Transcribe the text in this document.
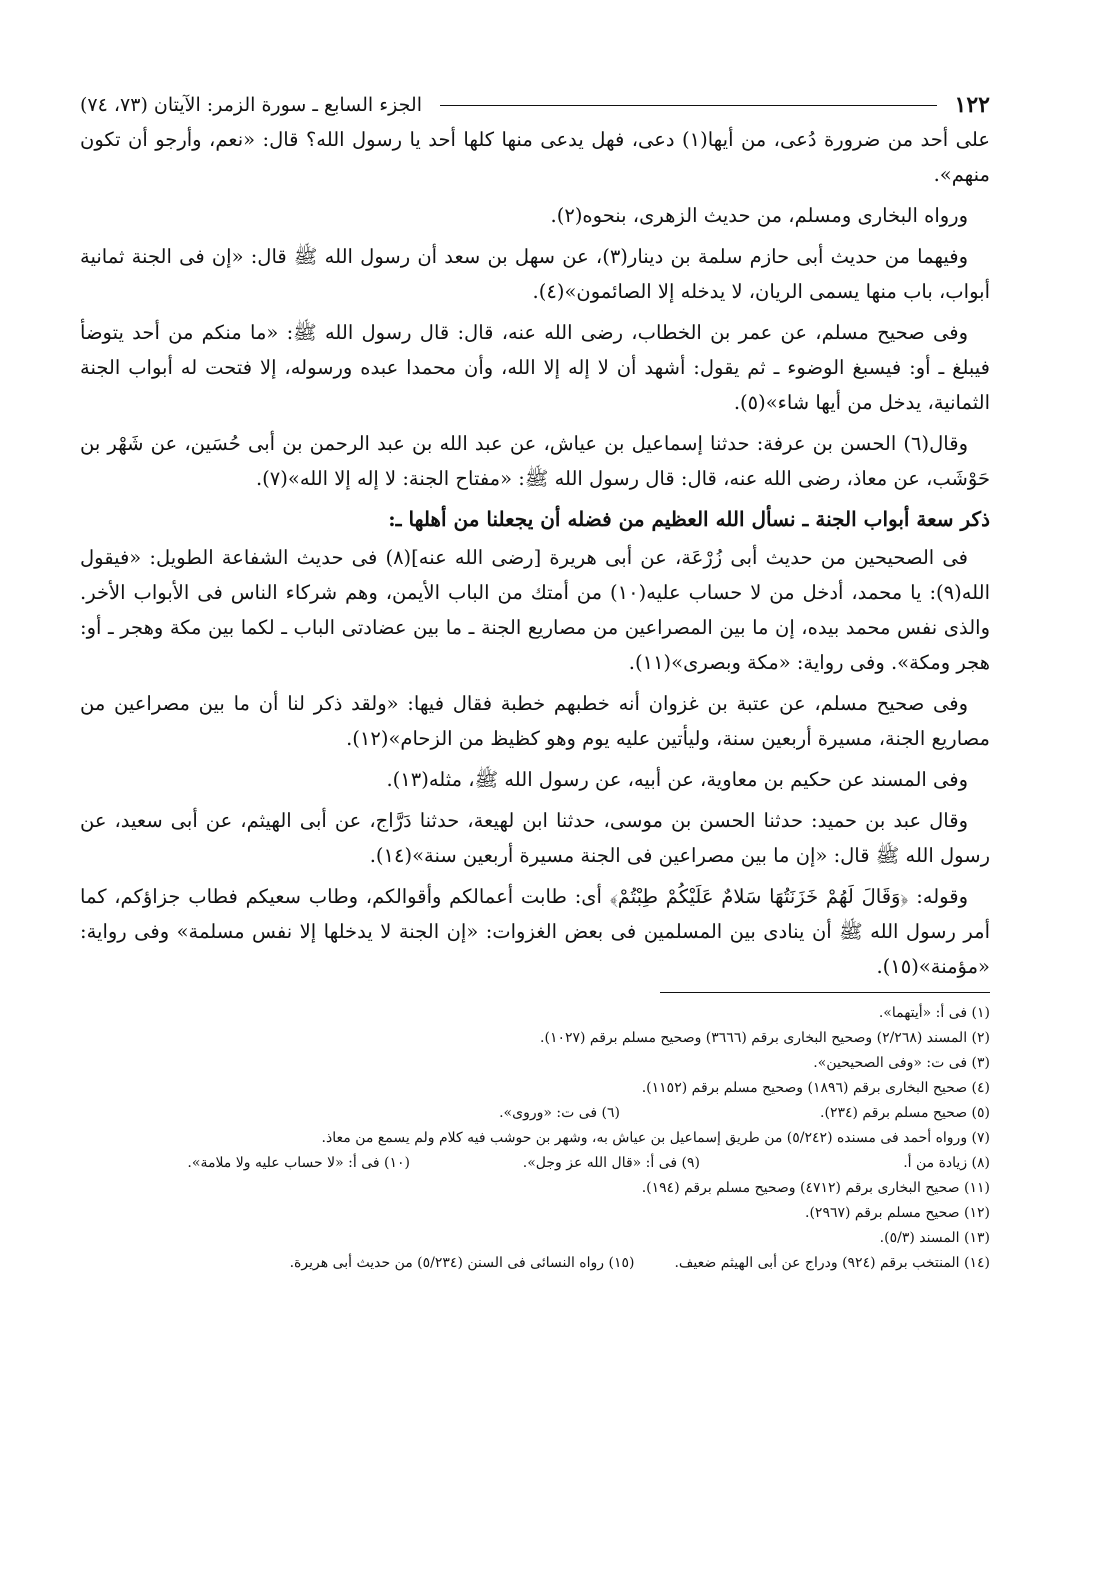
١٢٢
الجزء السابع ـ سورة الزمر: الآيتان (٧٣، ٧٤)

على أحد من ضرورة دُعى، من أيها(١) دعى، فهل يدعى منها كلها أحد يا رسول الله؟ قال: «نعم، وأرجو أن تكون منهم».

ورواه البخارى ومسلم، من حديث الزهرى، بنحوه(٢).

وفيهما من حديث أبى حازم سلمة بن دينار(٣)، عن سهل بن سعد أن رسول الله ﷺ قال: «إن فى الجنة ثمانية أبواب، باب منها يسمى الريان، لا يدخله إلا الصائمون»(٤).

وفى صحيح مسلم، عن عمر بن الخطاب، رضى الله عنه، قال: قال رسول الله ﷺ: «ما منكم من أحد يتوضأ فيبلغ ـ أو: فيسبغ الوضوء ـ ثم يقول: أشهد أن لا إله إلا الله، وأن محمدا عبده ورسوله، إلا فتحت له أبواب الجنة الثمانية، يدخل من أيها شاء»(٥).

وقال(٦) الحسن بن عرفة: حدثنا إسماعيل بن عياش، عن عبد الله بن عبد الرحمن بن أبى حُسَين، عن شَهْر بن حَوْشَب، عن معاذ، رضى الله عنه، قال: قال رسول الله ﷺ: «مفتاح الجنة: لا إله إلا الله»(٧).

ذكر سعة أبواب الجنة ـ نسأل الله العظيم من فضله أن يجعلنا من أهلها ـ:

فى الصحيحين من حديث أبى زُرْعَة، عن أبى هريرة [رضى الله عنه](٨) فى حديث الشفاعة الطويل: «فيقول الله(٩): يا محمد، أدخل من لا حساب عليه(١٠) من أمتك من الباب الأيمن، وهم شركاء الناس فى الأبواب الأخر. والذى نفس محمد بيده، إن ما بين المصراعين من مصاريع الجنة ـ ما بين عضادتى الباب ـ لكما بين مكة وهجر ـ أو: هجر ومكة». وفى رواية: «مكة وبصرى»(١١).

وفى صحيح مسلم، عن عتبة بن غزوان أنه خطبهم خطبة فقال فيها: «ولقد ذكر لنا أن ما بين مصراعين من مصاريع الجنة، مسيرة أربعين سنة، وليأتين عليه يوم وهو كظيظ من الزحام»(١٢).

وفى المسند عن حكيم بن معاوية، عن أبيه، عن رسول الله ﷺ، مثله(١٣).

وقال عبد بن حميد: حدثنا الحسن بن موسى، حدثنا ابن لهيعة، حدثنا دَرَّاج، عن أبى الهيثم، عن أبى سعيد، عن رسول الله ﷺ قال: «إن ما بين مصراعين فى الجنة مسيرة أربعين سنة»(١٤).

وقوله: ﴿وَقَالَ لَهُمْ خَزَنَتُهَا سَلامٌ عَلَيْكُمْ طِبْتُمْ﴾ أى: طابت أعمالكم وأقوالكم، وطاب سعيكم فطاب جزاؤكم، كما أمر رسول الله ﷺ أن ينادى بين المسلمين فى بعض الغزوات: «إن الجنة لا يدخلها إلا نفس مسلمة» وفى رواية: «مؤمنة»(١٥).

(١) فى أ: «أيتهما».
(٢) المسند (٢/٢٦٨) وصحيح البخارى برقم (٣٦٦٦) وصحيح مسلم برقم (١٠٢٧).
(٣) فى ت: «وفى الصحيحين».
(٤) صحيح البخارى برقم (١٨٩٦) وصحيح مسلم برقم (١١٥٢).
(٥) صحيح مسلم برقم (٢٣٤).
(٦) فى ت: «وروى».
(٧) ورواه أحمد فى مسنده (٥/٢٤٢) من طريق إسماعيل بن عياش به، وشهر بن حوشب فيه كلام ولم يسمع من معاذ.
(٨) زيادة من أ.
(٩) فى أ: «قال الله عز وجل».
(١٠) فى أ: «لا حساب عليه ولا ملامة».
(١١) صحيح البخارى برقم (٤٧١٢) وصحيح مسلم برقم (١٩٤).
(١٢) صحيح مسلم برقم (٢٩٦٧).
(١٣) المسند (٥/٣).
(١٤) المنتخب برقم (٩٢٤) ودراج عن أبى الهيثم ضعيف.
(١٥) رواه النسائى فى السنن (٥/٢٣٤) من حديث أبى هريرة.
